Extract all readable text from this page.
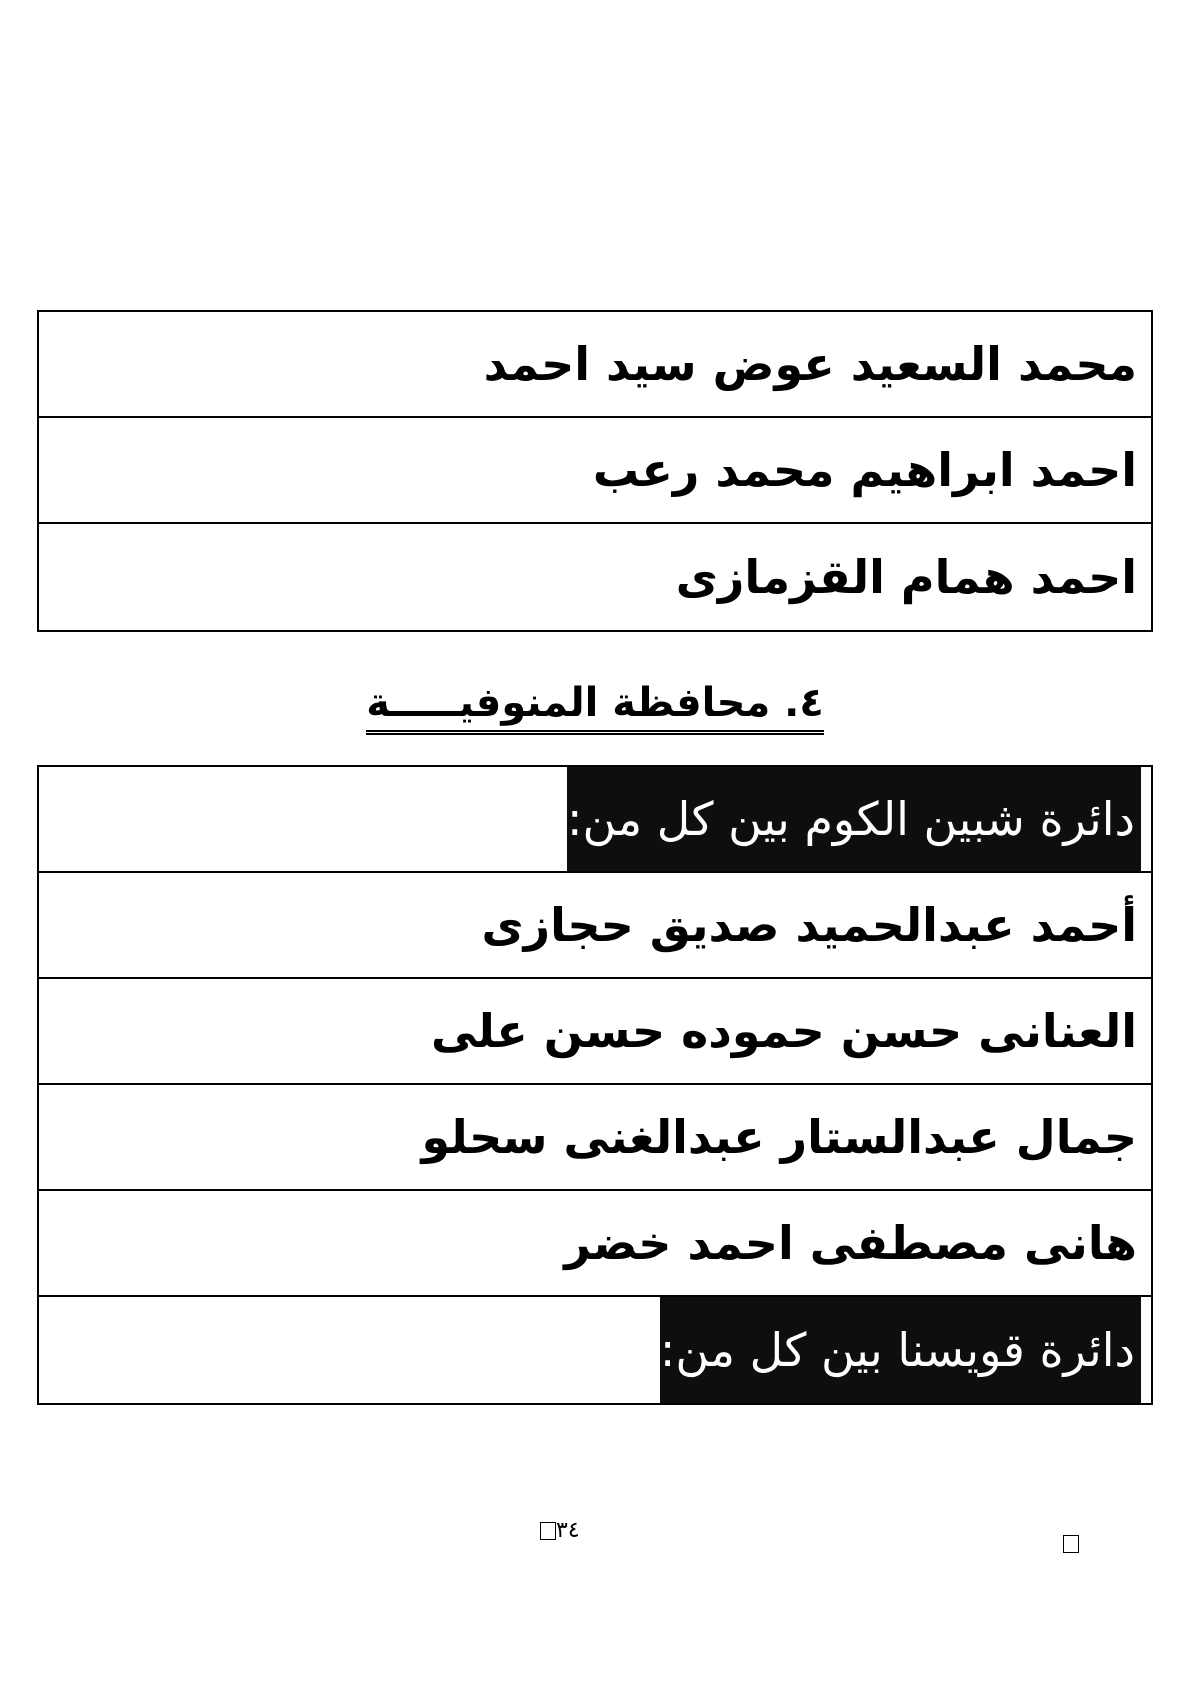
محمد السعيد عوض سيد احمد
احمد ابراهيم محمد رعب
احمد همام القزمازى
٤. محافظة المنوفيـــــة
دائرة شبين الكوم بين كل من:
أحمد عبدالحميد صديق حجازى
العنانى حسن حموده حسن على
جمال عبدالستار عبدالغنى سحلو
هانى مصطفى احمد خضر
دائرة قويسنا بين كل من:
٣٤
